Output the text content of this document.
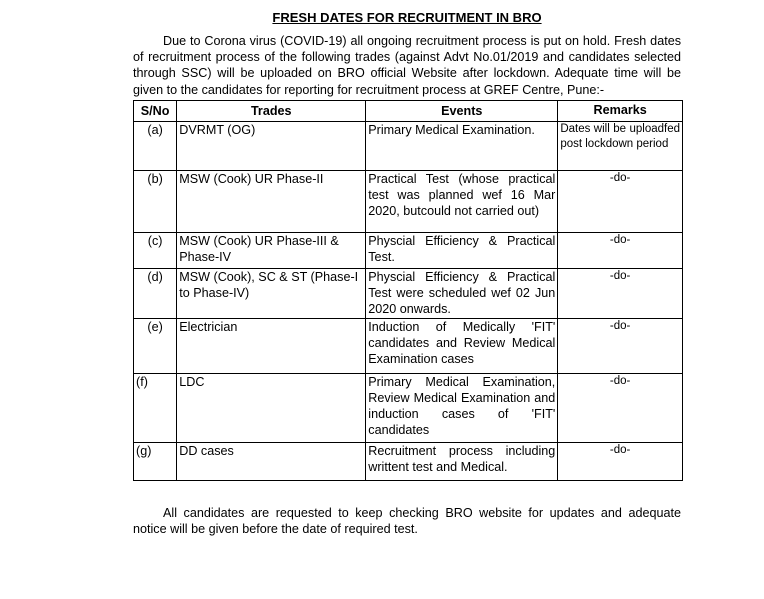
FRESH DATES FOR RECRUITMENT IN BRO

Due to Corona virus (COVID-19) all ongoing recruitment process is put on hold. Fresh dates of recruitment process of the following trades (against Advt No.01/2019 and candidates selected through SSC) will be uploaded on BRO official Website after lockdown. Adequate time will be given to the candidates for reporting for recruitment process at GREF Centre, Pune:-

S/No	Trades	Events	Remarks
(a)	DVRMT (OG)	Primary Medical Examination.	Dates will be uploadfed post lockdown period
(b)	MSW (Cook) UR Phase-II	Practical Test (whose practical test was planned wef 16 Mar 2020, butcould not carried out)	-do-
(c)	MSW (Cook) UR Phase-III & Phase-IV	Physcial Efficiency & Practical Test.	-do-
(d)	MSW (Cook), SC & ST (Phase-I to Phase-IV)	Physcial Efficiency & Practical Test were scheduled wef 02 Jun 2020 onwards.	-do-
(e)	Electrician	Induction of Medically 'FIT' candidates and Review Medical Examination cases	-do-
(f)	LDC	Primary Medical Examination, Review Medical Examination and induction cases of 'FIT' candidates	-do-
(g)	DD cases	Recruitment process including writtent test and Medical.	-do-

All candidates are requested to keep checking BRO website for updates and adequate notice will be given before the date of required test.
